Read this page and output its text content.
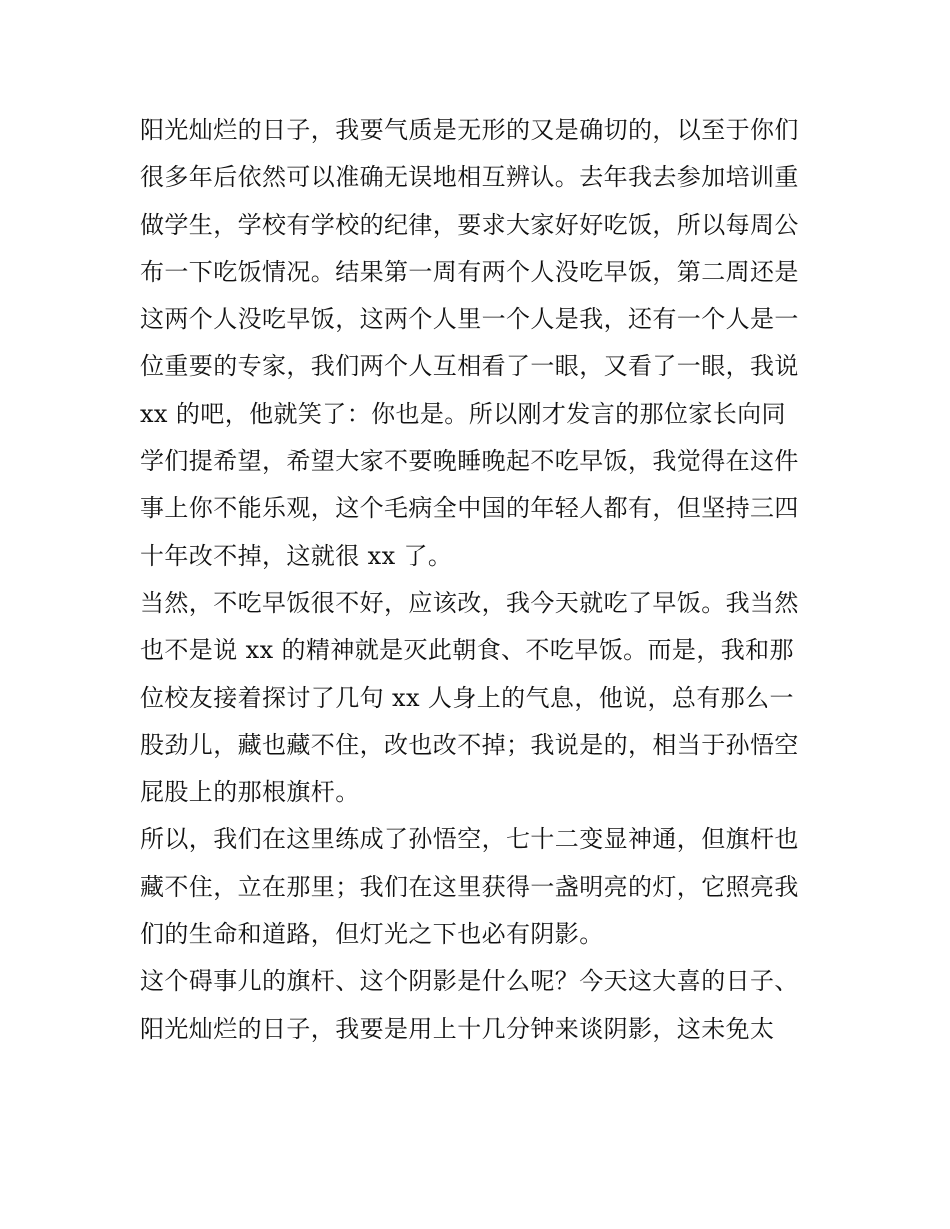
阳光灿烂的日子，我要气质是无形的又是确切的，以至于你们
很多年后依然可以准确无误地相互辨认。去年我去参加培训重
做学生，学校有学校的纪律，要求大家好好吃饭，所以每周公
布一下吃饭情况。结果第一周有两个人没吃早饭，第二周还是
这两个人没吃早饭，这两个人里一个人是我，还有一个人是一
位重要的专家，我们两个人互相看了一眼，又看了一眼，我说
xx 的吧，他就笑了：你也是。所以刚才发言的那位家长向同
学们提希望，希望大家不要晚睡晚起不吃早饭，我觉得在这件
事上你不能乐观，这个毛病全中国的年轻人都有，但坚持三四
十年改不掉，这就很 xx 了。
当然，不吃早饭很不好，应该改，我今天就吃了早饭。我当然
也不是说 xx 的精神就是灭此朝食、不吃早饭。而是，我和那
位校友接着探讨了几句 xx 人身上的气息，他说，总有那么一
股劲儿，藏也藏不住，改也改不掉；我说是的，相当于孙悟空
屁股上的那根旗杆。
所以，我们在这里练成了孙悟空，七十二变显神通，但旗杆也
藏不住，立在那里；我们在这里获得一盏明亮的灯，它照亮我
们的生命和道路，但灯光之下也必有阴影。
这个碍事儿的旗杆、这个阴影是什么呢？今天这大喜的日子、
阳光灿烂的日子，我要是用上十几分钟来谈阴影，这未免太
